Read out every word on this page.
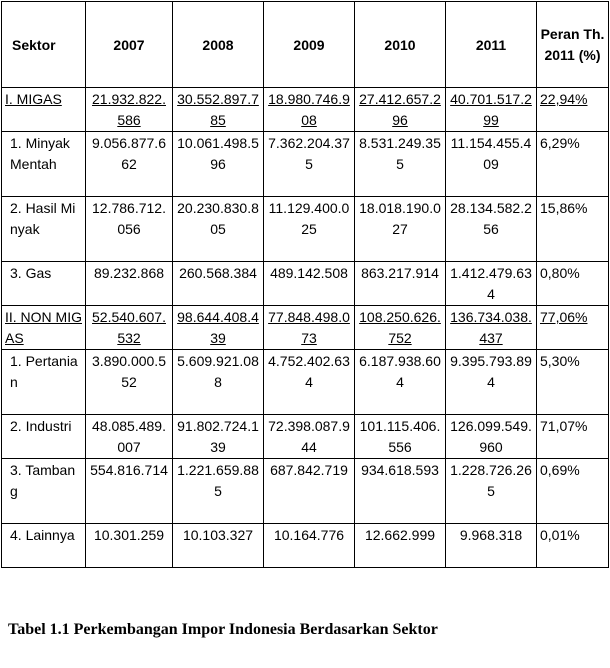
Sektor	2007	2008	2009	2010	2011	Peran Th. 2011 (%)
I. MIGAS	21.932.822.586	30.552.897.785	18.980.746.908	27.412.657.296	40.701.517.299	22,94%
1. Minyak Mentah	9.056.877.662	10.061.498.596	7.362.204.375	8.531.249.355	11.154.455.409	6,29%
2. Hasil Minyak	12.786.712.056	20.230.830.805	11.129.400.025	18.018.190.027	28.134.582.256	15,86%
3. Gas	89.232.868	260.568.384	489.142.508	863.217.914	1.412.479.634	0,80%
II. NON MIGAS	52.540.607.532	98.644.408.439	77.848.498.073	108.250.626.752	136.734.038.437	77,06%
1. Pertanian	3.890.000.552	5.609.921.088	4.752.402.634	6.187.938.604	9.395.793.894	5,30%
2. Industri	48.085.489.007	91.802.724.139	72.398.087.944	101.115.406.556	126.099.549.960	71,07%
3. Tambang	554.816.714	1.221.659.885	687.842.719	934.618.593	1.228.726.265	0,69%
4. Lainnya	10.301.259	10.103.327	10.164.776	12.662.999	9.968.318	0,01%
Tabel 1.1 Perkembangan Impor Indonesia Berdasarkan Sektor
